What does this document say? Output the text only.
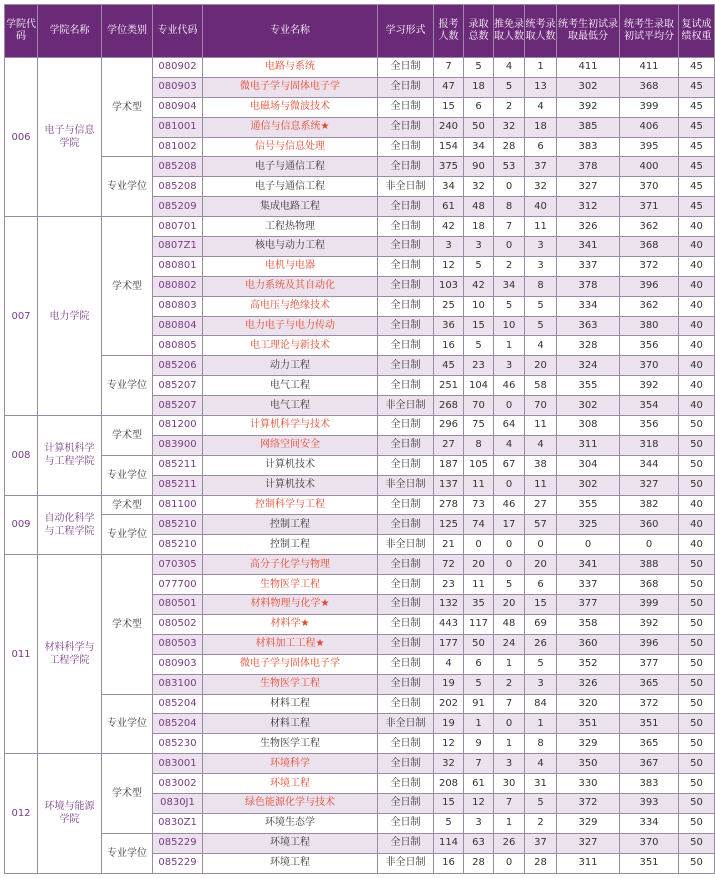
学院代码	学院名称	学位类别	专业代码	专业名称	学习形式	报考人数	录取总数	推免录取人数	统考录取人数	统考生初试录取最低分	统考生录取初试平均分	复试成绩权重
006	电子与信息学院	学术型	080902	电路与系统	全日制	7	5	4	1	411	411	45
			080903	微电子学与固体电子学	全日制	47	18	5	13	302	368	45
			080904	电磁场与微波技术	全日制	15	6	2	4	392	399	45
			081001	通信与信息系统★	全日制	240	50	32	18	385	406	45
			081002	信号与信息处理	全日制	154	34	28	6	383	395	45
		专业学位	085208	电子与通信工程	全日制	375	90	53	37	378	400	45
			085208	电子与通信工程	非全日制	34	32	0	32	327	370	45
			085209	集成电路工程	全日制	61	48	8	40	312	371	45
007	电力学院	学术型	080701	工程热物理	全日制	42	18	7	11	326	362	40
			0807Z1	核电与动力工程	全日制	3	3	0	3	341	368	40
			080801	电机与电器	全日制	12	5	2	3	337	372	40
			080802	电力系统及其自动化	全日制	103	42	34	8	378	396	40
			080803	高电压与绝缘技术	全日制	25	10	5	5	334	362	40
			080804	电力电子与电力传动	全日制	36	15	10	5	363	380	40
			080805	电工理论与新技术	全日制	16	5	1	4	328	356	40
		专业学位	085206	动力工程	全日制	45	23	3	20	324	370	40
			085207	电气工程	全日制	251	104	46	58	355	392	40
			085207	电气工程	非全日制	268	70	0	70	302	354	40
008	计算机科学与工程学院	学术型	081200	计算机科学与技术	全日制	296	75	64	11	308	356	50
			083900	网络空间安全	全日制	27	8	4	4	311	318	50
		专业学位	085211	计算机技术	全日制	187	105	67	38	304	344	50
			085211	计算机技术	非全日制	137	11	0	11	302	327	50
009	自动化科学与工程学院	学术型	081100	控制科学与工程	全日制	278	73	46	27	355	382	40
		专业学位	085210	控制工程	全日制	125	74	17	57	325	360	40
			085210	控制工程	非全日制	21	0	0	0	0	0	40
011	材料科学与工程学院	学术型	070305	高分子化学与物理	全日制	72	20	0	20	341	388	50
			077700	生物医学工程	全日制	23	11	5	6	337	368	50
			080501	材料物理与化学★	全日制	132	35	20	15	377	399	50
			080502	材料学★	全日制	443	117	48	69	358	392	50
			080503	材料加工工程★	全日制	177	50	24	26	360	396	50
			080903	微电子学与固体电子学	全日制	4	6	1	5	352	377	50
			083100	生物医学工程	全日制	19	5	2	3	326	365	50
		专业学位	085204	材料工程	全日制	202	91	7	84	320	372	50
			085204	材料工程	非全日制	19	1	0	1	351	351	50
			085230	生物医学工程	全日制	12	9	1	8	329	365	50
012	环境与能源学院	学术型	083001	环境科学	全日制	32	7	3	4	350	367	50
			083002	环境工程	全日制	208	61	30	31	330	383	50
			0830J1	绿色能源化学与技术	全日制	15	12	7	5	372	393	50
			0830Z1	环境生态学	全日制	5	3	1	2	329	334	50
		专业学位	085229	环境工程	全日制	114	63	26	37	327	370	50
			085229	环境工程	非全日制	16	28	0	28	311	351	50
